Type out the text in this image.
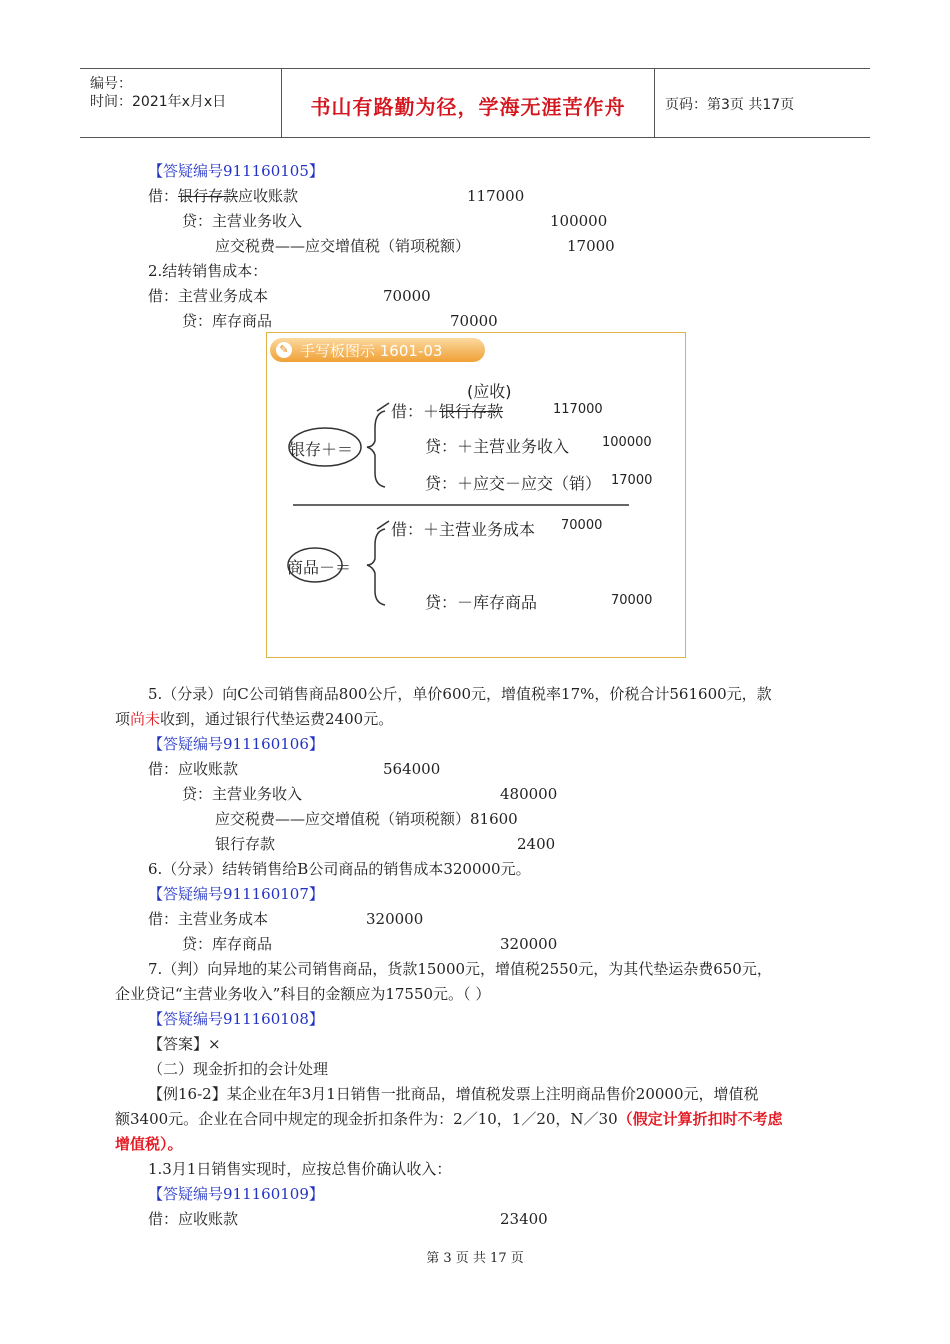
编号：
时间：2021年x月x日	书山有路勤为径，学海无涯苦作舟	页码：第3页 共17页
【答疑编号911160105】
借：银行存款应收账款	117000
贷：主营业务收入	100000
应交税费——应交增值税（销项税额）	17000
2.结转销售成本：
借：主营业务成本	70000
贷：库存商品	70000
✎ 手写板图示 1601-03
(应收)
银存＋＝
借：＋银行存款	117000
贷：＋主营业务收入	100000
贷：＋应交－应交（销） 17000
商品－＝
借：＋主营业务成本 70000
贷：－库存商品	70000
5.（分录）向C公司销售商品800公斤，单价600元，增值税率17%，价税合计561600元，款
项尚未收到，通过银行代垫运费2400元。
【答疑编号911160106】
借：应收账款	564000
贷：主营业务收入	480000
应交税费——应交增值税（销项税额）81600
银行存款	2400
6.（分录）结转销售给B公司商品的销售成本320000元。
【答疑编号911160107】
借：主营业务成本	320000
贷：库存商品	320000
7.（判）向异地的某公司销售商品，货款15000元，增值税2550元，为其代垫运杂费650元，
企业贷记“主营业务收入”科目的金额应为17550元。（ ）
【答疑编号911160108】
【答案】×
（二）现金折扣的会计处理
【例16-2】某企业在年3月1日销售一批商品，增值税发票上注明商品售价20000元，增值税
额3400元。企业在合同中规定的现金折扣条件为：2／10，1／20，N／30（假定计算折扣时不考虑
增值税）。
1.3月1日销售实现时，应按总售价确认收入：
【答疑编号911160109】
借：应收账款	23400
第 3 页 共 17 页
